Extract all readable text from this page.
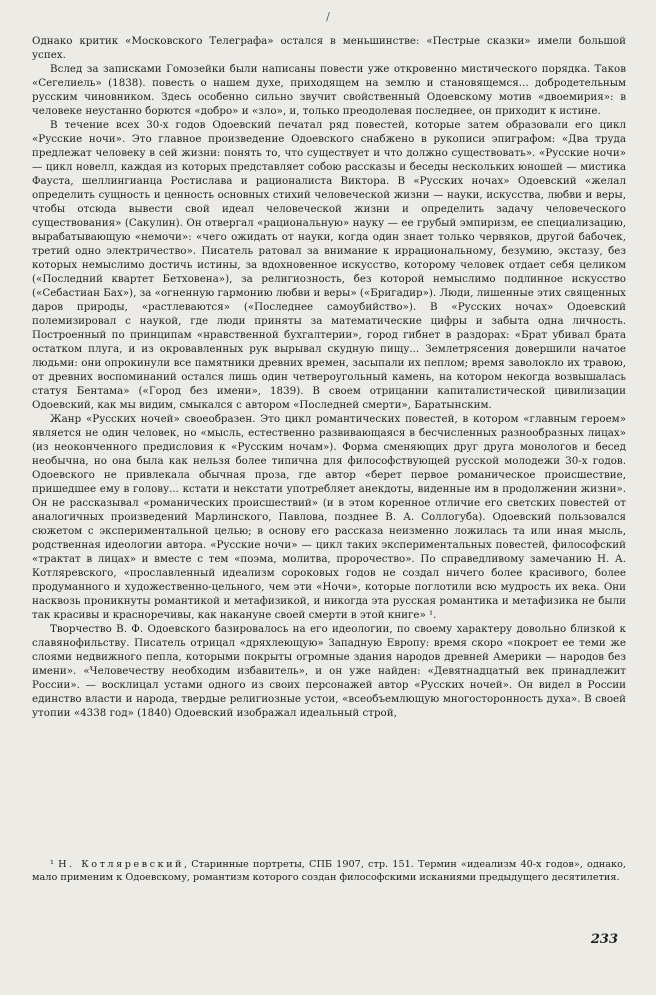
/

Однако критик «Московского Телеграфа» остался в меньшинстве: «Пестрые сказки» имели большой успех.

Вслед за записками Гомозейки были написаны повести уже откровенно мистического порядка. Таков «Сегелиель» (1838). повесть о нашем духе, приходящем на землю и становящемся... добродетельным русским чиновником. Здесь особенно сильно звучит свойственный Одоевскому мотив «двоемирия»: в человеке неустанно борются «добро» и «зло», и, только преодолевая последнее, он приходит к истине.

В течение всех 30-х годов Одоевский печатал ряд повестей, которые затем образовали его цикл «Русские ночи». Это главное произведение Одоевского снабжено в рукописи эпиграфом: «Два труда предлежат человеку в сей жизни: понять то, что существует и что должно существовать». «Русские ночи» — цикл новелл, каждая из которых представляет собою рассказы и беседы нескольких юношей — мистика Фауста, шеллингианца Ростислава и рационалиста Виктора. В «Русских ночах» Одоевский «желал определить сущность и ценность основных стихий человеческой жизни — науки, искусства, любви и веры, чтобы отсюда вывести свой идеал человеческой жизни и определить задачу человеческого существования» (Сакулин). Он отвергал «рациональную» науку — ее грубый эмпиризм, ее специализацию, вырабатывающую «немочи»: «чего ожидать от науки, когда один знает только червяков, другой бабочек, третий одно электричество». Писатель ратовал за внимание к иррациональному, безумию, экстазу, без которых немыслимо достичь истины, за вдохновенное искусство, которому человек отдает себя целиком («Последний квартет Бетховена»), за религиозность, без которой немыслимо подлинное искусство («Себастиан Бах»), за «огненную гармонию любви и веры» («Бригадир»). Люди, лишенные этих священных даров природы, «растлеваются» («Последнее самоубийство»). В «Русских ночах» Одоевский полемизировал с наукой, где люди приняты за математические цифры и забыта одна личность. Построенный по принципам «нравственной бухгалтерии», город гибнет в раздорах: «Брат убивал брата остатком плуга, и из окровавленных рук вырывал скудную пищу... Землетрясения довершили начатое людьми: они опрокинули все памятники древних времен, засыпали их пеплом; время заволокло их травою, от древних воспоминаний остался лишь один четвероугольный камень, на котором некогда возвышалась статуя Бентама» («Город без имени», 1839). В своем отрицании капиталистической цивилизации Одоевский, как мы видим, смыкался с автором «Последней смерти», Баратынским.

Жанр «Русских ночей» своеобразен. Это цикл романтических повестей, в котором «главным героем» является не один человек, но «мысль, естественно развивающаяся в бесчисленных разнообразных лицах» (из неоконченного предисловия к «Русским ночам»). Форма сменяющих друг друга монологов и бесед необычна, но она была как нельзя более типична для философствующей русской молодежи 30-х годов. Одоевского не привлекала обычная проза, где автор «берет первое романическое происшествие, пришедшее ему в голову... кстати и некстати употребляет анекдоты, виденные им в продолжении жизни». Он не рассказывал «романических происшествий» (и в этом коренное отличие его светских повестей от аналогичных произведений Марлинского, Павлова, позднее В. А. Соллогуба). Одоевский пользовался сюжетом с экспериментальной целью; в основу его рассказа неизменно ложилась та или иная мысль, родственная идеологии автора. «Русские ночи» — цикл таких экспериментальных повестей, философский «трактат в лицах» и вместе с тем «поэма, молитва, пророчество». По справедливому замечанию Н. А. Котляревского, «прославленный идеализм сороковых годов не создал ничего более красивого, более продуманного и художественно-цельного, чем эти «Ночи», которые поглотили всю мудрость их века. Они насквозь проникнуты романтикой и метафизикой, и никогда эта русская романтика и метафизика не были так красивы и красноречивы, как накануне своей смерти в этой книге» ¹.

Творчество В. Ф. Одоевского базировалось на его идеологии, по своему характеру довольно близкой к славянофильству. Писатель отрицал «дряхлеющую» Западную Европу: время скоро «покроет ее теми же слоями недвижного пепла, которыми покрыты огромные здания народов древней Америки — народов без имени». «Человечеству необходим избавитель», и он уже найден: «Девятнадцатый век принадлежит России». — восклицал устами одного из своих персонажей автор «Русских ночей». Он видел в России единство власти и народа, твердые религиозные устои, «всеобъемлющую многосторонность духа». В своей утопии «4338 год» (1840) Одоевский изображал идеальный строй,

¹ Н. Котляревский, Старинные портреты, СПБ 1907, стр. 151. Термин «идеализм 40-х годов», однако, мало применим к Одоевскому, романтизм которого создан философскими исканиями предыдущего десятилетия.

233
